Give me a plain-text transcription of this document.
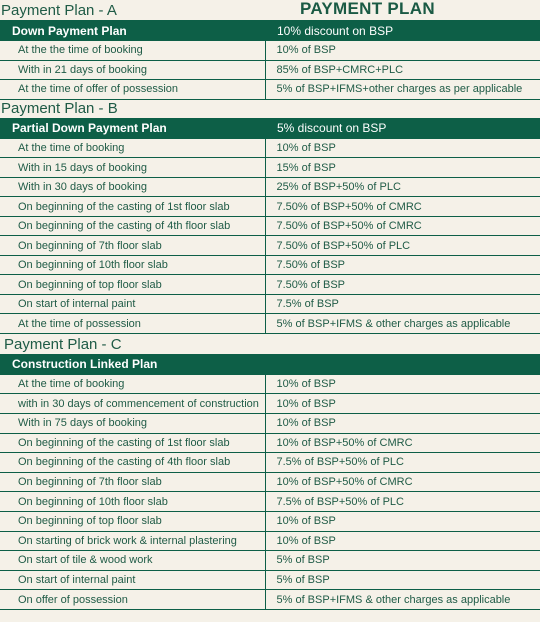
PAYMENT PLAN
Payment Plan - A
Down Payment Plan	10% discount on BSP
At the the time of booking	10% of BSP
With in 21 days of booking	85% of BSP+CMRC+PLC
At the time of offer of possession	5% of BSP+IFMS+other charges as per applicable
Payment Plan - B
Partial Down Payment Plan	5% discount on BSP
At the time of booking	10% of BSP
With in 15 days of booking	15% of BSP
With in 30 days of booking	25% of BSP+50% of PLC
On beginning of the casting of 1st floor slab	7.50% of BSP+50% of CMRC
On beginning of the casting of 4th floor slab	7.50% of BSP+50% of CMRC
On beginning of 7th floor slab	7.50% of BSP+50% of PLC
On beginning of 10th floor slab	7.50% of BSP
On beginning of top floor slab	7.50% of BSP
On start of internal paint	7.5% of BSP
At the time of possession	5% of BSP+IFMS & other charges as applicable
Payment Plan - C
Construction Linked Plan	
At the time of booking	10% of BSP
with in 30 days of commencement of construction	10% of BSP
With in 75 days of booking	10% of BSP
On beginning of the casting of 1st floor slab	10% of BSP+50% of CMRC
On beginning of the casting of 4th floor slab	7.5% of BSP+50% of PLC
On beginning of 7th floor slab	10% of BSP+50% of CMRC
On beginning of 10th floor slab	7.5% of BSP+50% of PLC
On beginning of top floor slab	10% of BSP
On starting of brick work & internal plastering	10% of BSP
On start of tile & wood work	5% of BSP
On start of internal paint	5% of BSP
On offer of possession	5% of BSP+IFMS & other charges as applicable
